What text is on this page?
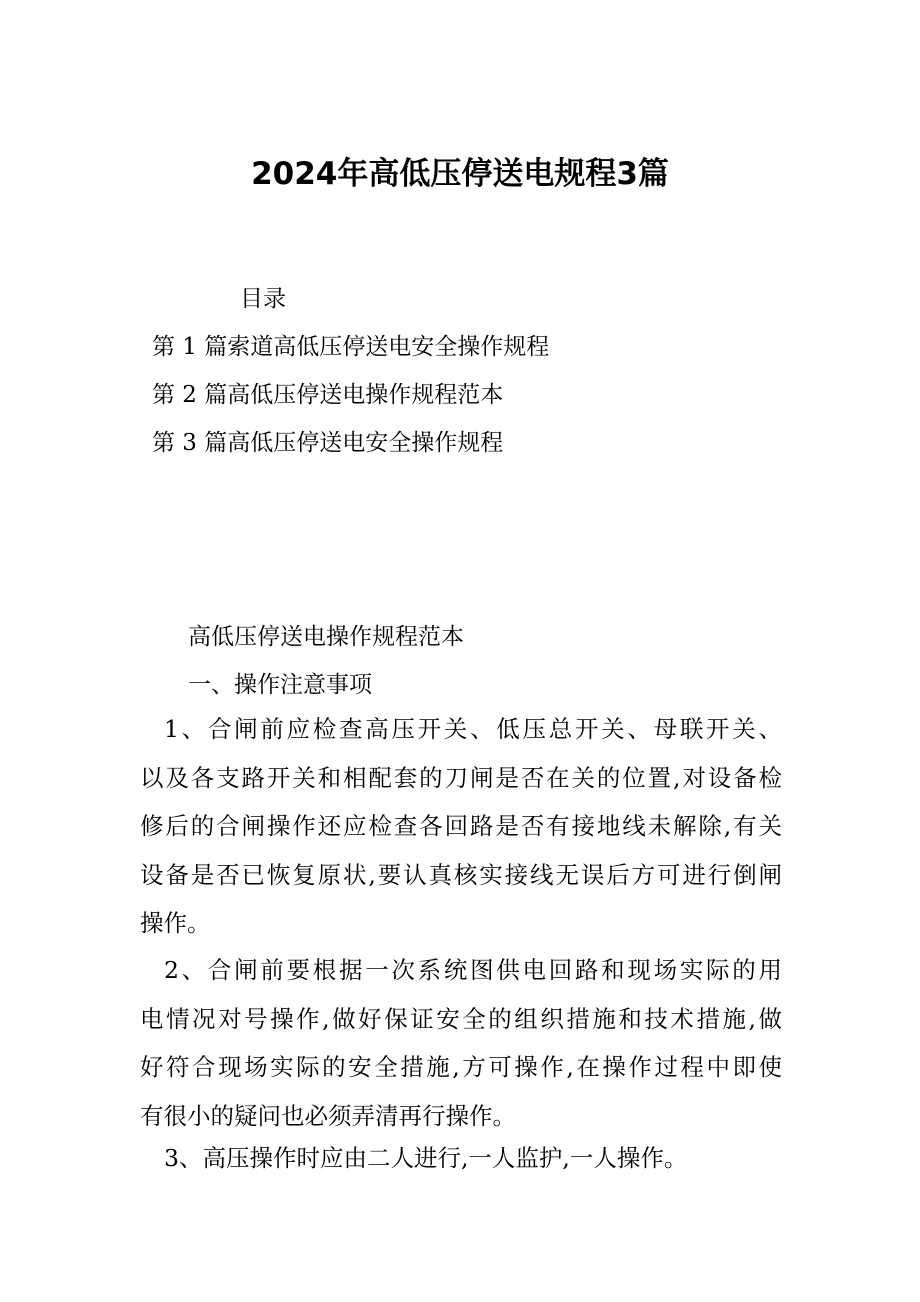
2024年高低压停送电规程3篇
目录
第 1 篇索道高低压停送电安全操作规程
第 2 篇高低压停送电操作规程范本
第 3 篇高低压停送电安全操作规程
高低压停送电操作规程范本
一、操作注意事项
1、合闸前应检查高压开关、低压总开关、母联开关、
以及各支路开关和相配套的刀闸是否在关的位置,对设备检
修后的合闸操作还应检查各回路是否有接地线未解除,有关
设备是否已恢复原状,要认真核实接线无误后方可进行倒闸
操作。
2、合闸前要根据一次系统图供电回路和现场实际的用
电情况对号操作,做好保证安全的组织措施和技术措施,做
好符合现场实际的安全措施,方可操作,在操作过程中即使
有很小的疑问也必须弄清再行操作。
3、高压操作时应由二人进行,一人监护,一人操作。
